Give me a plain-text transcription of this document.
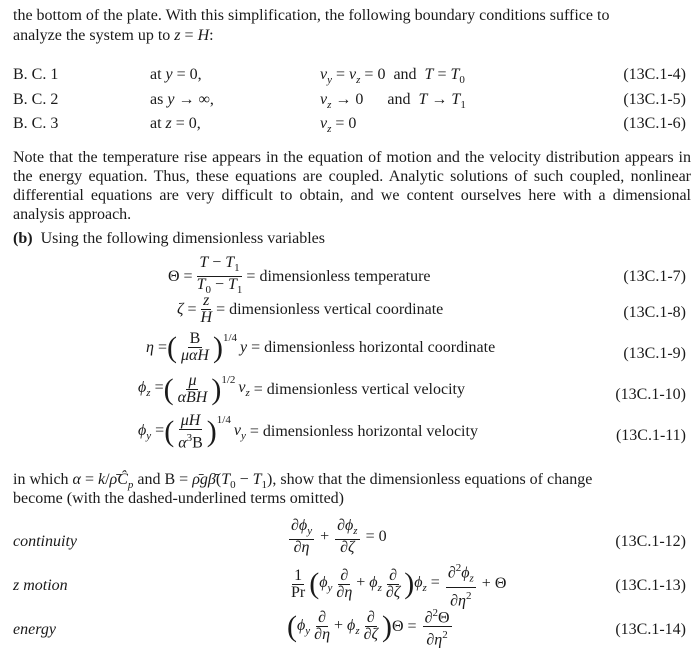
the bottom of the plate. With this simplification, the following boundary conditions suffice to

analyze the system up to z = H:

B. C. 1	at y = 0,	$v_y = v_z = 0$  and  $T = T_0$	(13C.1-4)
B. C. 2	as y → ∞,	$v_z \to 0$      and  $T \to T_1$	(13C.1-5)
B. C. 3	at z = 0,	$v_z = 0$	(13C.1-6)

Note that the temperature rise appears in the equation of motion and the velocity distribution appears in the energy equation. Thus, these equations are coupled. Analytic solutions of such coupled, nonlinear differential equations are very difficult to obtain, and we content ourselves here with a dimensional analysis approach.

(b) Using the following dimensionless variables

$\Theta = \frac{T - T_1}{T_0 - T_1}$ = dimensionless temperature	(13C.1-7)
$\zeta = \frac{z}{H}$ = dimensionless vertical coordinate	(13C.1-8)
η = ( $\frac{B}{\text{μαH}} )^{1/4}$
y = dimensionless horizontal coordinate	(13C.1-9)
$\phi_z$ = ( $\frac{\mu}{\text{αBH}} )^{1/2}$ $v_z$ = dimensionless vertical velocity	(13C.1-10)
$\phi_y$ = ( $\frac{\mu H}{\alpha^3B} )^{1/4}$
$v_y$ = dimensionless horizontal velocity	(13C.1-11)

in which $\alpha = k/\rhōĈ_p$ and $B = \rhōg\betā(T_0 - T_1)$, show that the dimensionless equations of change

become (with the dashed-underlined terms omitted)

continuity	$\frac{\partial\phi_y}{\partial\eta} + \frac{\partial\phi_z}{\partial\zeta} = 0$	(13C.1-12)
z motion	$\frac{1}{Pr}$ ( $\phi_y \frac{\partial}{\partial\eta} + \phi_z \frac{\partial}{\partial\zeta}$ ) $\phi_z = \frac{\partial^2\phi_z}{\partial\eta^2} + \Theta$	(13C.1-13)
energy	( $\phi_y \frac{\partial}{\partial\eta} + \phi_z \frac{\partial}{\partial\zeta}$ ) $\Theta = \frac{\partial^2\Theta}{\partial\eta^2}$	(13C.1-14)
